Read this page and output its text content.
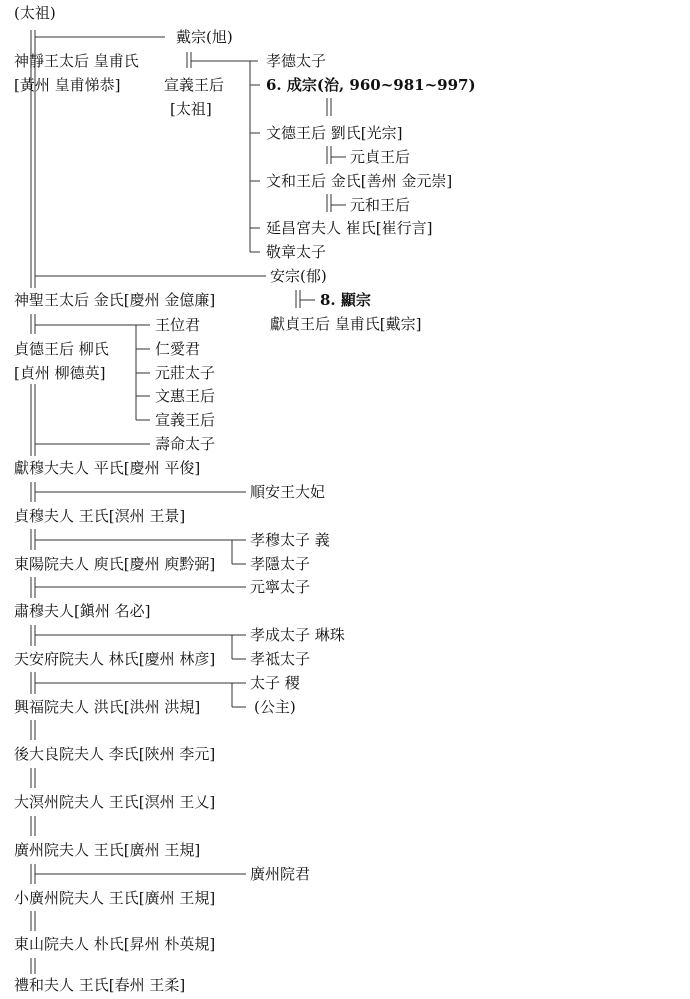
(太祖)
戴宗(旭)
神靜王太后 皇甫氏
[黃州 皇甫悌恭]	宣義王后
[太祖]
孝德太子
6. 成宗(治, 960~981~997)
文德王后 劉氏[光宗]
元貞王后
文和王后 金氏[善州 金元崇]
元和王后
延昌宮夫人 崔氏[崔行言]
敬章太子
安宗(郁)
神聖王太后 金氏[慶州 金億廉]	8. 顯宗
獻貞王后 皇甫氏[戴宗]
王位君
貞德王后 柳氏	仁愛君
[貞州 柳德英]	元莊太子
文惠王后
宣義王后
壽命太子
獻穆大夫人 平氏[慶州 平俊]
順安王大妃
貞穆夫人 王氏[溟州 王景]
孝穆太子 義
東陽院夫人 庾氏[慶州 庾黔弼] 孝隱太子
元寧太子
肅穆夫人[鎭州 名必]
孝成太子 琳珠
天安府院夫人 林氏[慶州 林彦] 孝祗太子
太子 稷
興福院夫人 洪氏[洪州 洪規]	(公主)
後大良院夫人 李氏[陝州 李元]
大溟州院夫人 王氏[溟州 王乂]
廣州院夫人 王氏[廣州 王規]
廣州院君
小廣州院夫人 王氏[廣州 王規]
東山院夫人 朴氏[昇州 朴英規]
禮和夫人 王氏[春州 王柔]
